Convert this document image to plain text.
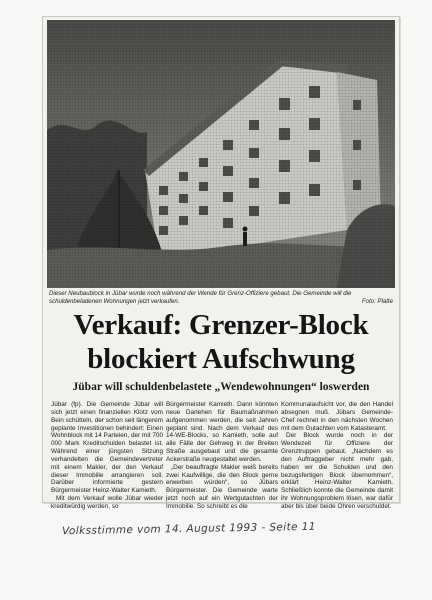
Dieser Neubaublock in Jübar wurde noch während der Wende für Grenz-Offiziere gebaut. Die Gemeinde will die schuldenbeladenen Wohnungen jetzt verkaufen.	Foto: Platte
Verkauf: Grenzer-Block
blockiert Aufschwung
Jübar will schuldenbelastete „Wendewohnungen“ loswerden

Jübar (fp). Die Gemeinde Jübar will sich jetzt einen finanziellen Klotz vom Bein schütteln, der schon seit längerem geplante Investitionen behindert: Einen Wohnblock mit 14 Parteien, der mit 700 000 Mark Kreditschulden belastet ist. Während einer jüngsten Sitzung verhandelten die Gemeindevertreter mit einem Makler, der den Verkauf dieser Immobilie arrangieren soll. Darüber informierte gestern Bürgermeister Heinz-Walter Kamieth.

Mit dem Verkauf wolle Jübar wieder kreditwürdig werden, so

Bürgermeister Kamieth. Dann könnten neue Darlehen für Baumaßnahmen aufgenommen werden, die seit Jahren geplant sind. Nach dem Verkauf des 14-WE-Blocks, so Kamieth, solle auf alle Fälle der Gehweg in der Breiten Straße ausgebaut und die gesamte Ackerstraße neugestaltet werden.

„Der beauftragte Makler weiß bereits zwei Kaufwillige, die den Block gerne erwerben würden“, so Jübars Bürgermeister. Die Gemeinde warte jetzt noch auf ein Wertgutachten der Immobilie. So schreibt es die

Kommunalaufsicht vor, die den Handel absegnen muß. Jübars Gemeinde-Chef rechnet in den nächsten Wochen mit dem Gutachten vom Katasteramt.

Der Block wurde noch in der Wendezeit für Offiziere der Grenztruppen gebaut. „Nachdem es den Auftraggeber nicht mehr gab, haben wir die Schulden und den bezugsfertigen Block übernommen“, erklärt Heinz-Walter Kamieth. Schließlich konnte die Gemeinde damit ihr Wohnungsproblem lösen, war dafür aber bis über beide Ohren verschuldet.

Volksstimme vom 14. August 1993 - Seite 11
